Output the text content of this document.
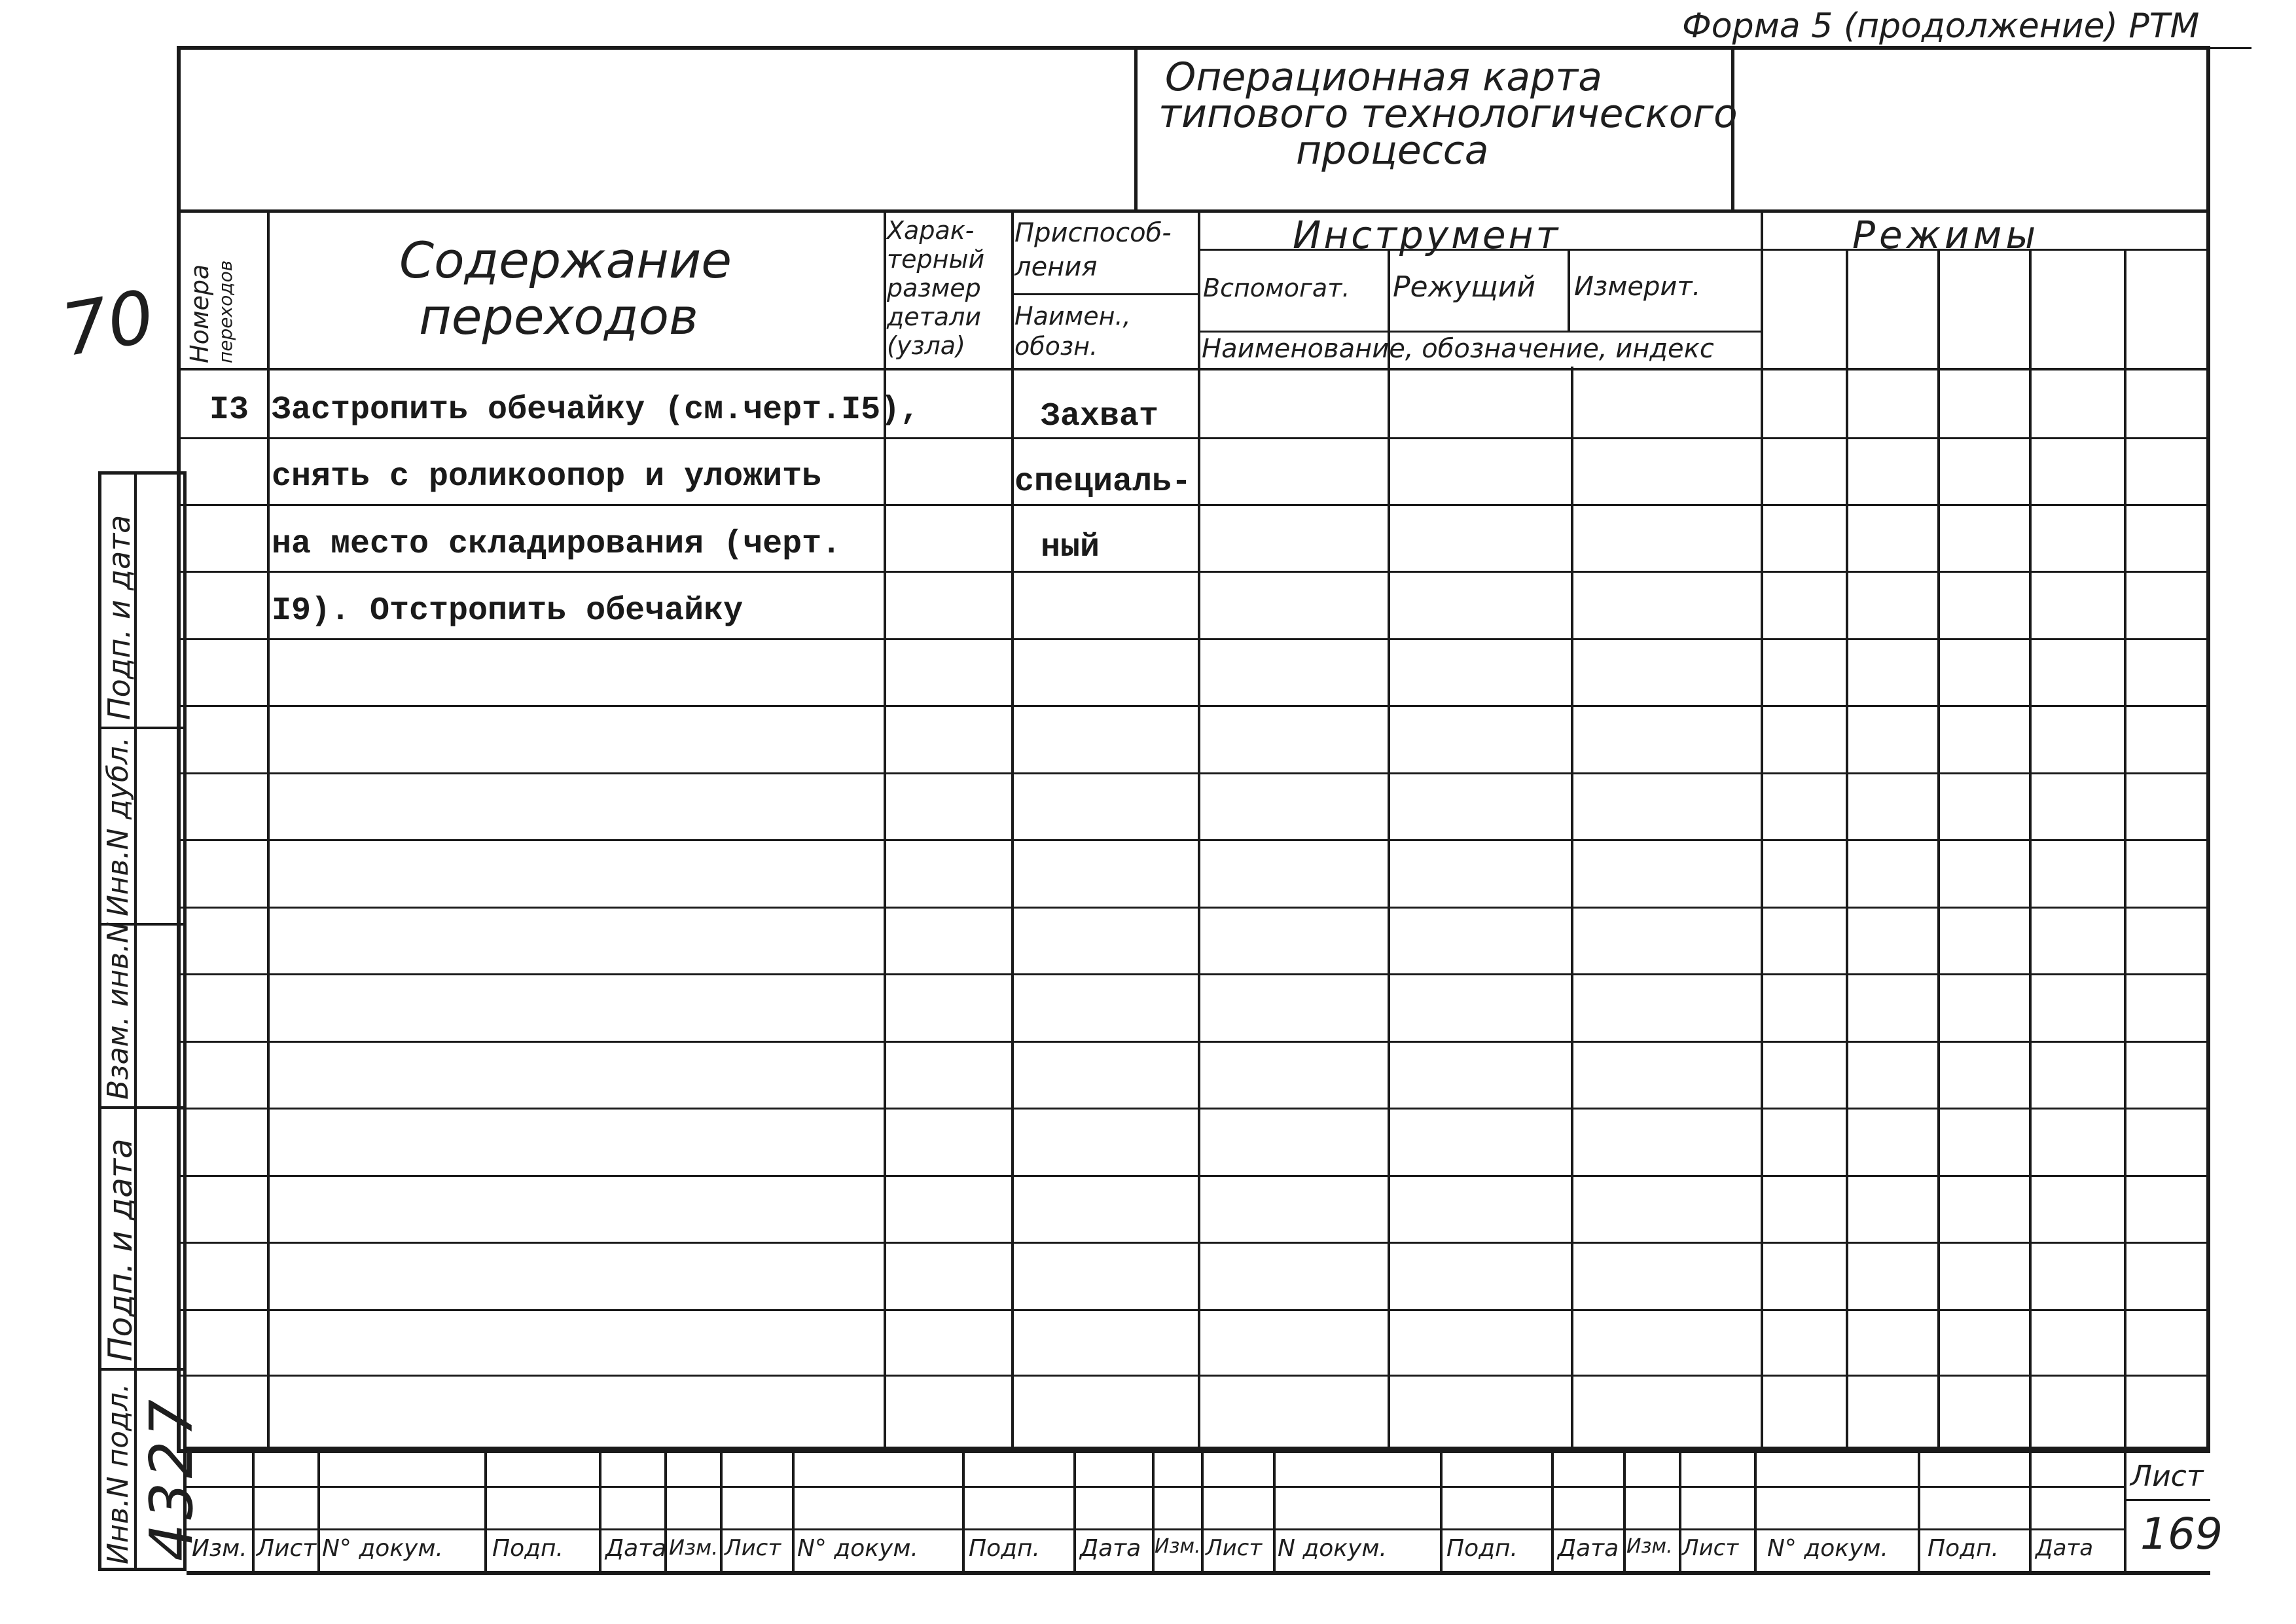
Форма 5 (продолжение) РТМ
70
Операционная карта
типового технологического
процесса
Номера переходов
Содержание
переходов
Харак-
терный
размер
детали
(узла)
Приспособ-
ления
Наимен.,
обозн.
Инструмент
Вспомогат. Режущий Измерит.
Наименование, обозначение, индекс
Режимы
I3 Застропить обечайку (см.черт.I5),	Захват
снять с роликоопор и уложить	специаль-
на место складирования (черт.	ный
I9). Отстропить обечайку
Подп. и дата
Инв.N дубл.
Взам. инв.N
Подп. и дата
Инв.N подл. 4327
Изм. Лист N° докум. Подп. Дата Изм. Лист N° докум. Подп. Дата Изм. Лист N докум.	Подп. Дата Изм. Лист N° докум. Подп. Дата
Лист
169
